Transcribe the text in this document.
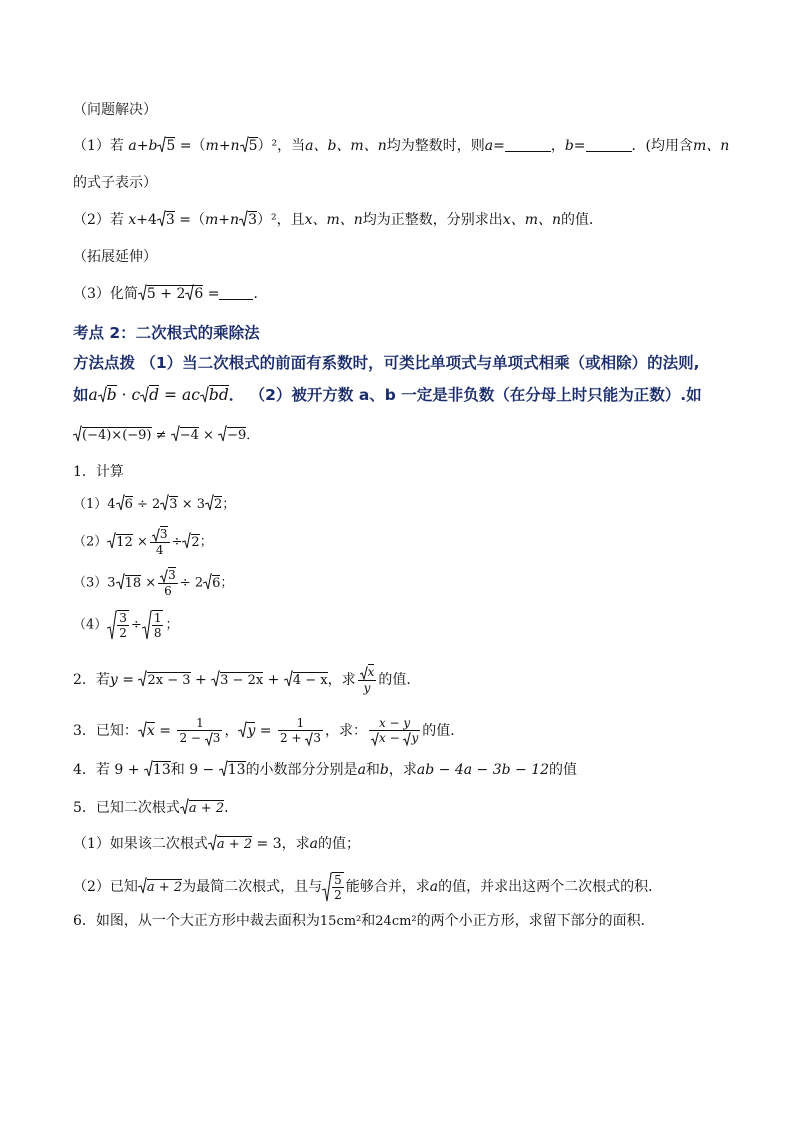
（问题解决）
（1）若 a+b 5 =（m+n 5）²，当a、b、m、n均为整数时，则a=	，b=	．(均用含m、n
的式子表示）
（2）若 x+4 3 =（m+n 3）²，且x、m、n均为正整数，分别求出x、m、n的值．
（拓展延伸）
（3）化简 5 + 2 6 = ．
考点 2：二次根式的乘除法
方法点拨 （1）当二次根式的前面有系数时，可类比单项式与单项式相乘（或相除）的法则,
如a b · c d = ac bd． （2）被开方数 a、b 一定是非负数（在分母上时只能为正数）.如
(−4)×(−9) ≠ −4 × −9．
1．计算
（1）4 6 ÷ 2 3 × 3 2；
（2） $12 \times \frac{3}{4} \div 2$；
（3）3 $18 \times \frac{3}{6} \div 2$ 6；
$(4) \frac{3}{2} \div \frac{1}{8}$ ；
2．若y = 2x − 3 + 3 − 2x + 4 − x，求 $\frac{x}{y}$ 的值．
3．已知： $x = \frac{1}{2 - 3}$ ， $y = \frac{1}{2 + 3}$ ，求： $\frac{x - y}{x - y}$ 的值．
4．若 9 + 13和 9 − 13的小数部分分别是a和b，求ab − 4a − 3b − 12的值
5．已知二次根式 a + 2．
（1）如果该二次根式 a + 2 = 3，求a的值；
（2）已知 a + 2为最简二次根式，且与 $\frac{5}{2}$ 能够合并，求a的值，并求出这两个二次根式的积．
6．如图，从一个大正方形中裁去面积为15cm²和24cm²的两个小正方形，求留下部分的面积．
